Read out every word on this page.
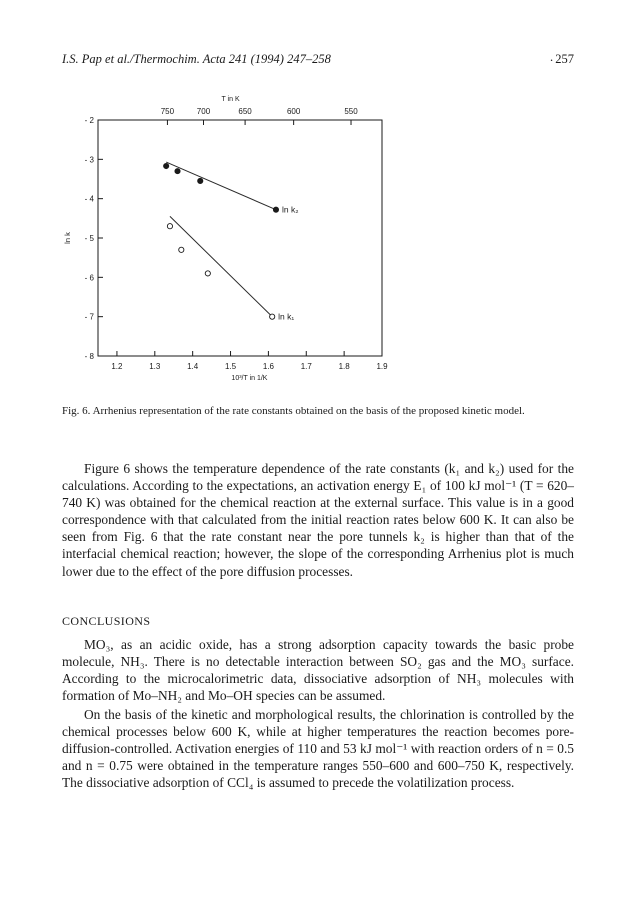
I.S. Pap et al./Thermochim. Acta 241 (1994) 247–258	. 257
1.2	1.3	1.4	1.5	1.6	1.7	1.8	1.9
- 2
- 3
- 4
- 5
- 6
- 7
- 8
750	700	650	600	550
T in K
10³/T in 1/K
ln k
ln k₂
ln k₁
Fig. 6. Arrhenius representation of the rate constants obtained on the basis of the proposed kinetic model.

Figure 6 shows the temperature dependence of the rate constants (k₁ and k₂) used for the calculations. According to the expectations, an activation energy E₁ of 100 kJ mol⁻¹ (T = 620–740 K) was obtained for the chemical reaction at the external surface. This value is in a good correspondence with that calculated from the initial reaction rates below 600 K. It can also be seen from Fig. 6 that the rate constant near the pore tunnels k₂ is higher than that of the interfacial chemical reaction; however, the slope of the corresponding Arrhenius plot is much lower due to the effect of the pore diffusion processes.

CONCLUSIONS

MO₃, as an acidic oxide, has a strong adsorption capacity towards the basic probe molecule, NH₃. There is no detectable interaction between SO₂ gas and the MO₃ surface. According to the microcalorimetric data, dissociative adsorption of NH₃ molecules with formation of Mo–NH₂ and Mo–OH species can be assumed.

On the basis of the kinetic and morphological results, the chlorination is controlled by the chemical processes below 600 K, while at higher temperatures the reaction becomes pore-diffusion-controlled. Activation energies of 110 and 53 kJ mol⁻¹ with reaction orders of n = 0.5 and n = 0.75 were obtained in the temperature ranges 550–600 and 600–750 K, respectively. The dissociative adsorption of CCl₄ is assumed to precede the volatilization process.
